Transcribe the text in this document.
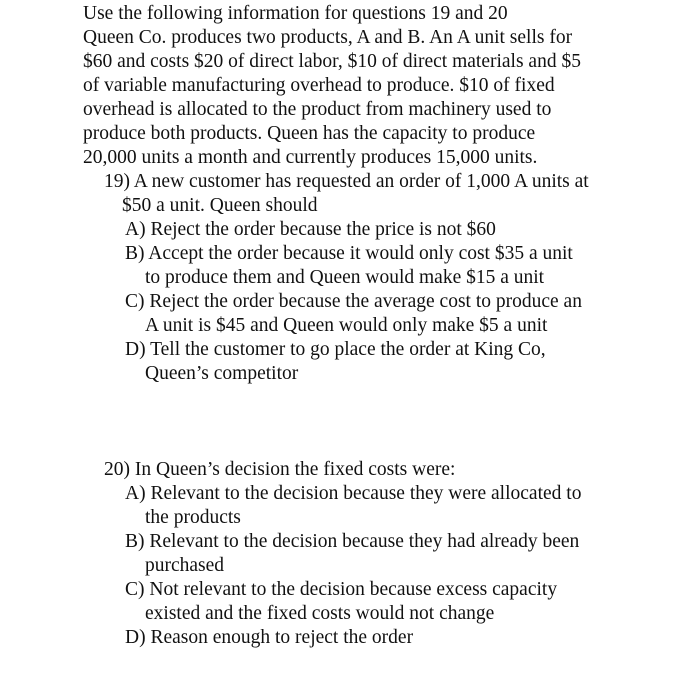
Use the following information for questions 19 and 20

Queen Co. produces two products, A and B. An A unit sells for

$60 and costs $20 of direct labor, $10 of direct materials and $5

of variable manufacturing overhead to produce. $10 of fixed

overhead is allocated to the product from machinery used to

produce both products. Queen has the capacity to produce

20,000 units a month and currently produces 15,000 units.

19) A new customer has requested an order of 1,000 A units at

$50 a unit. Queen should

A) Reject the order because the price is not $60

B) Accept the order because it would only cost $35 a unit

to produce them and Queen would make $15 a unit

C) Reject the order because the average cost to produce an

A unit is $45 and Queen would only make $5 a unit

D) Tell the customer to go place the order at King Co,

Queen’s competitor

20) In Queen’s decision the fixed costs were:

A) Relevant to the decision because they were allocated to

the products

B) Relevant to the decision because they had already been

purchased

C) Not relevant to the decision because excess capacity

existed and the fixed costs would not change

D) Reason enough to reject the order
